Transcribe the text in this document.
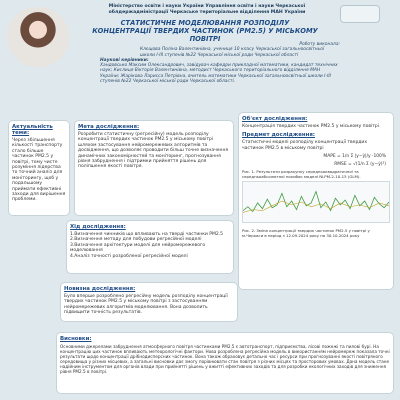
Міністерство освіти і науки України Управління освіти і науки Черкаської облдержадміністрації Черкаське територіальне відділення МАН України
СТАТИСТИЧНЕ МОДЕЛЮВАННЯ РОЗПОДІЛУ КОНЦЕНТРАЦІЇ ТВЕРДИХ ЧАСТИНОК (PM2.5) У МІСЬКОМУ ПОВІТРІ
Роботу виконала:
Клєщова Поліна Валентинівна, учениця 10 класу Черкаської загальноосвітньої школи І-ІІІ ступенів №22 Черкаської міської ради Черкаської області
Наукові керівники:
Хандовсько Максим Олександрович, завідувач кафедри прикладної математики, кандидат технічних наук; Кислиця Вікторія Валентинівна, методист Черкаського територіального відділення МАН України; Жарікова Ларисса Петрівна, вчитель математики Черкаської загальноосвітньої школи І-ІІІ ступенів №22 Черкаської міської ради Черкаської області.
Актуальність теми:
Через збільшення кількості транспорту стало більше частинок PM2.5 у повітрі, тому чисте розуміння лідерства то точний аналіз для моніторингу, щоб у подальшому приймати ефективні заходи для вирішення проблеми.
Мета дослідження:
Розробити статистичну (регресійну) модель розподілу концентрації твердих частинок PM2.5 у міському повітрі шляхом застосування нейромережевих алгоритмів та досвідження, що дозволяє проводити більш точне визначення динамічних закономірностей та моніторинг, прогнозування рівня забруднення і підтримки прийняття рішень для поліпшення якості повітря.
Об'єкт дослідження:
Концентрація твердих частинок PM2.5 у міському повітрі
Предмет дослідження:
Статистичні моделі розподілу концентрації твердих частинок PM2.5 в міському повітрі
MAPE = 1/n Σ |y−ŷ|/y ·100%
RMSE = √(1/n Σ (y−ŷ)²)
Рис. 1. Результати розрахунку середньоквадратичної та середньоабсолютної похибок моделі NLPM-2-10-15 (GLM).
Рис. 2. Зміна концентрації твердих частинок PM2.5 у повітрі у м.Черкаси в період з 12.09.2024 року по 30.10.2024 року
Хід дослідження:
1.Визначення чинників що впливають на тверді частинки PM2.5
2.Визначення методу для побудови регресійної моделі
3.Визначення архітектури моделі для нейромережевого моделювання
4.Аналіз точності розробленої регресійної моделі
Новизна дослідження:
Було вперше розроблено регресійну модель розподілу концентрації твердих частинок PM2.5 у міському повітрі з застосуванням нейромережевих алгоритмів моделювання. Вона дозволить підвищити точність результатів.
Висновки:
Основними джерелами забруднення атмосферного повітря частинками PM2.5 є автотранспорт, підприємства, лісові пожежі та пилові бурі. На концентрацію цих частинок впливають метеорологічні фактори. Нова розроблена регресійна модель в використанням нейромереж показала точні результати щодо концентрації дрібнодисперсних частинок. Вона також обраховує детально час і ресурси при прогнозуванні якості повітряного середовища у різних місцевих, а загальні висновки дає змогу порівнювати стан повітря з різних місцях та просторових умовах. Дана модель стане надійним інструментом для органів влади при прийнятті рішень у вжитті ефективних заходів та для розробки екологічних заходів для зниження рівня PM2.5 в повітрі.
